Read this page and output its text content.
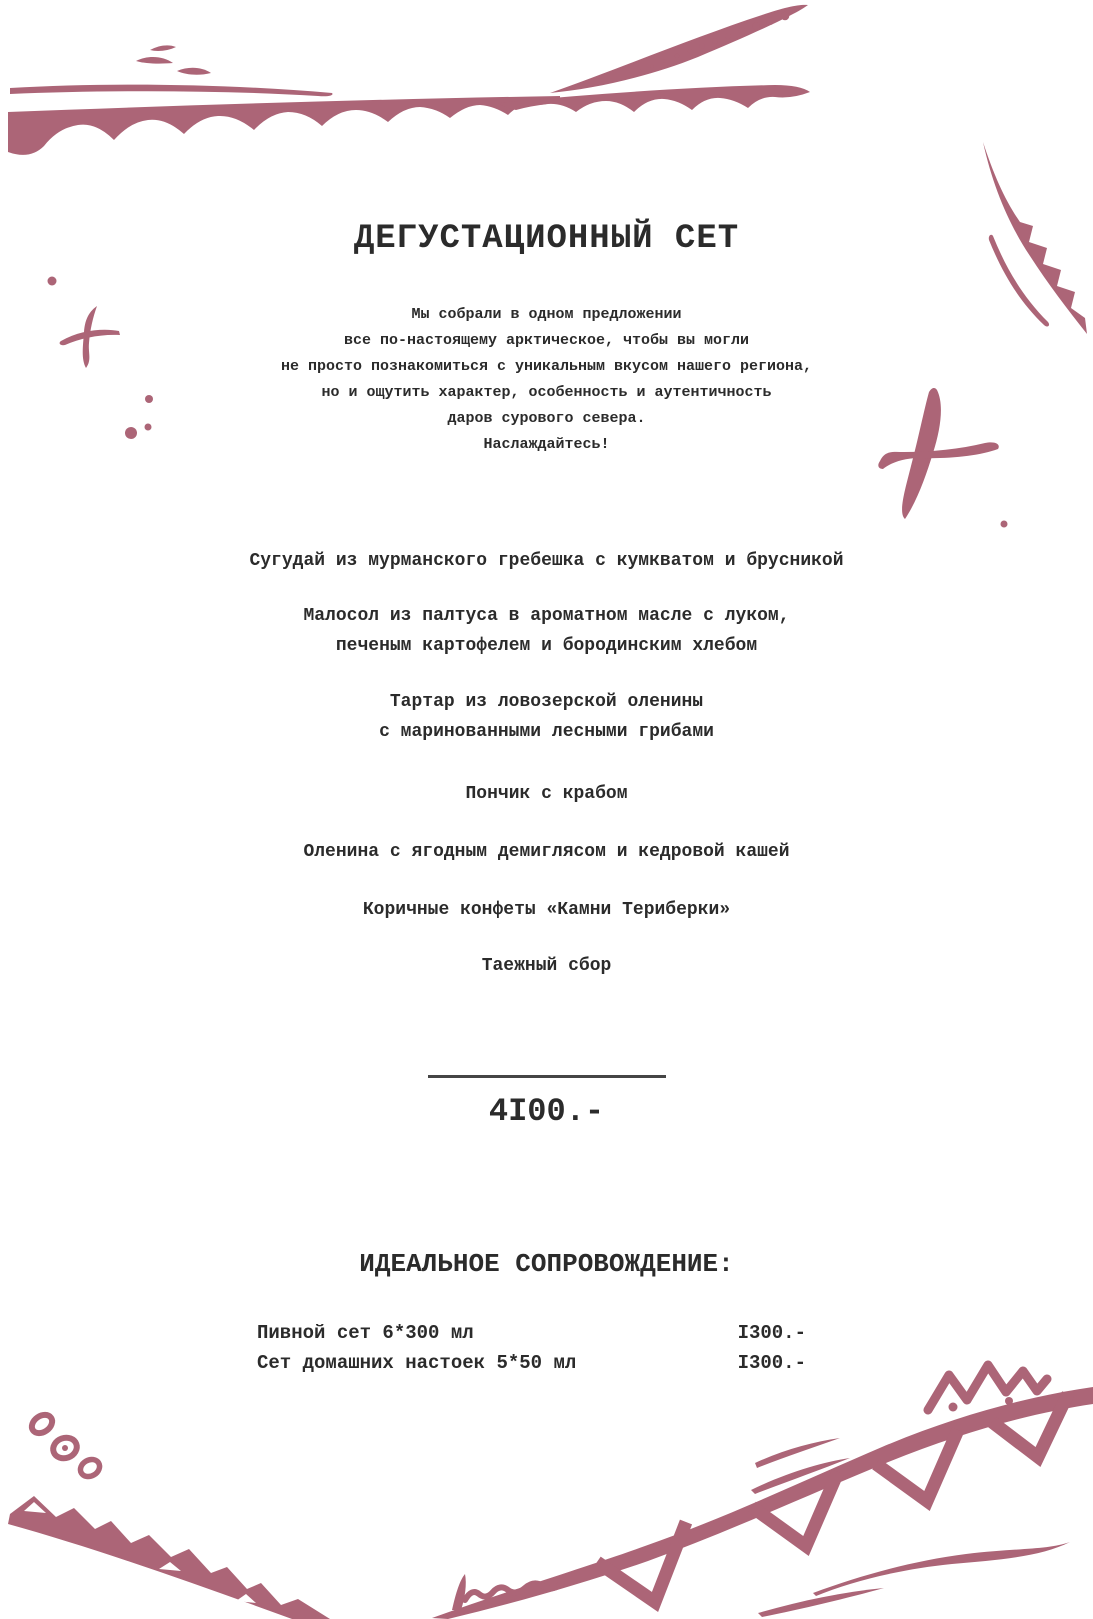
ДЕГУСТАЦИОННЫЙ СЕТ
Мы собрали в одном предложении
все по-настоящему арктическое, чтобы вы могли
не просто познакомиться с уникальным вкусом нашего региона,
но и ощутить характер, особенность и аутентичность
даров сурового севера.
Наслаждайтесь!
Сугудай из мурманского гребешка с кумкватом и брусникой
Малосол из палтуса в ароматном масле с луком,
печеным картофелем и бородинским хлебом
Тартар из ловозерской оленины
с маринованными лесными грибами
Пончик с крабом
Оленина с ягодным демиглясом и кедровой кашей
Коричные конфеты «Камни Териберки»
Таежный сбор
4I00.-
ИДЕАЛЬНОЕ СОПРОВОЖДЕНИЕ:
Пивной сет 6*300 мл	I300.-
Сет домашних настоек 5*50 мл	I300.-
